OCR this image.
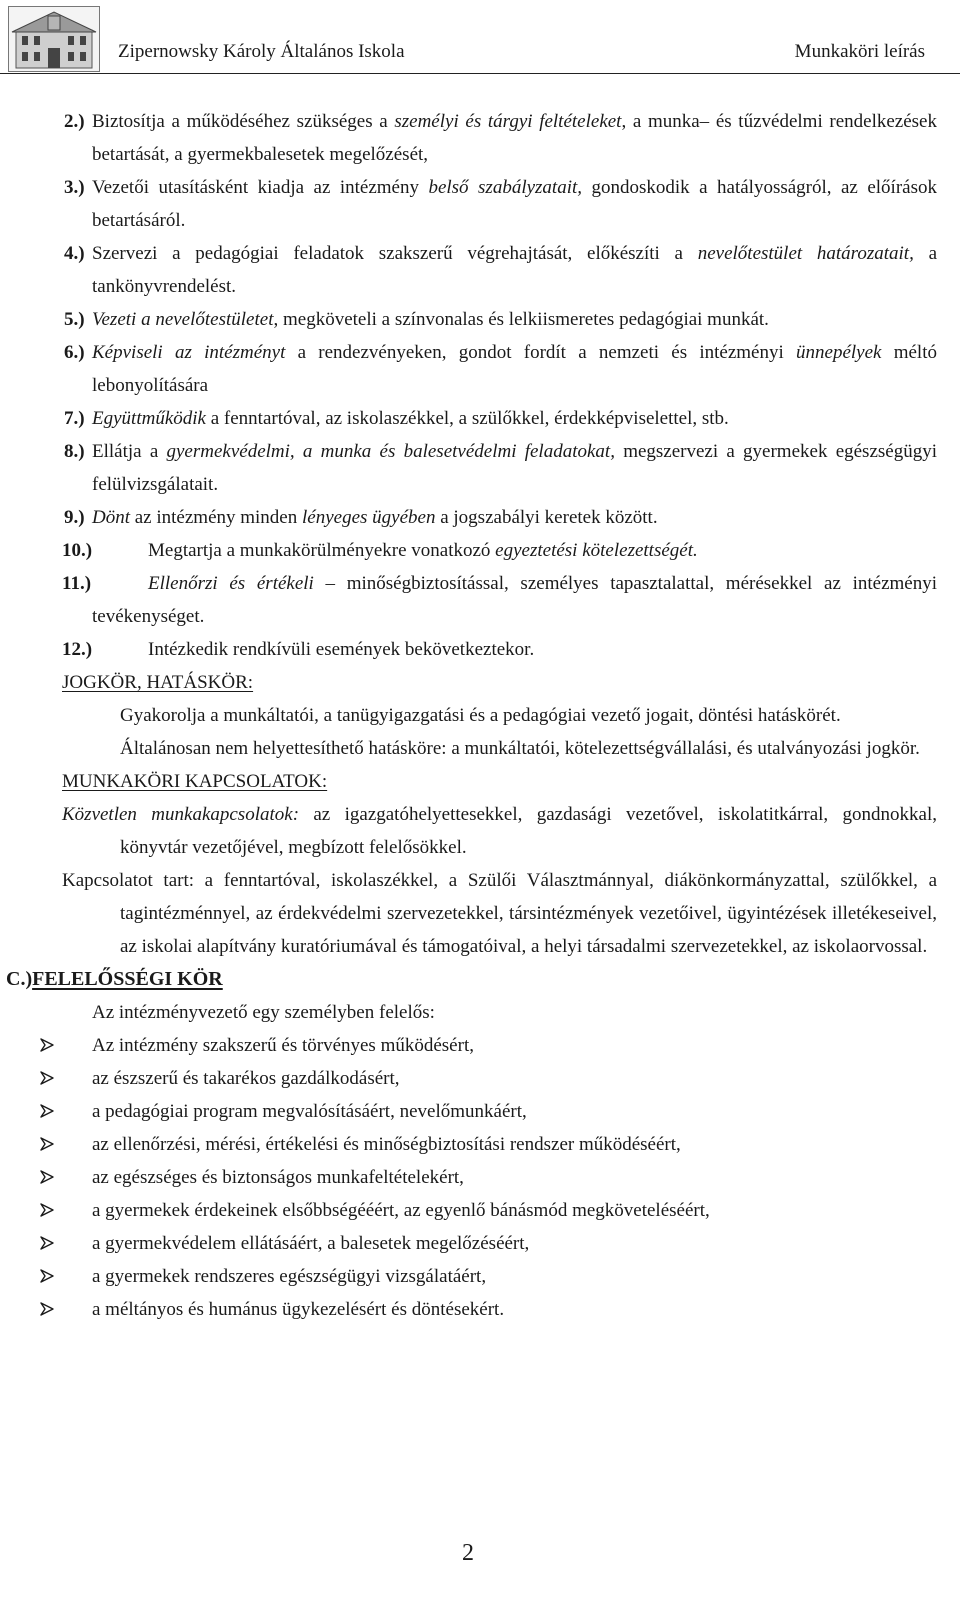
Zipernowsky Károly Általános Iskola	Munkaköri leírás
2.) Biztosítja a működéséhez szükséges a személyi és tárgyi feltételeket, a munka– és tűzvédelmi rendelkezések betartását, a gyermekbalesetek megelőzését,
3.) Vezetői utasításként kiadja az intézmény belső szabályzatait, gondoskodik a hatályosságról, az előírások betartásáról.
4.) Szervezi a pedagógiai feladatok szakszerű végrehajtását, előkészíti a nevelőtestület határozatait, a tankönyvrendelést.
5.) Vezeti a nevelőtestületet, megköveteli a színvonalas és lelkiismeretes pedagógiai munkát.
6.) Képviseli az intézményt a rendezvényeken, gondot fordít a nemzeti és intézményi ünnepélyek méltó lebonyolítására
7.) Együttműködik a fenntartóval, az iskolaszékkel, a szülőkkel, érdekképviselettel, stb.
8.) Ellátja a gyermekvédelmi, a munka és balesetvédelmi feladatokat, megszervezi a gyermekek egészségügyi felülvizsgálatait.
9.) Dönt az intézmény minden lényeges ügyében a jogszabályi keretek között.
10.)	Megtartja a munkakörülményekre vonatkozó egyeztetési kötelezettségét.
11.)	Ellenőrzi és értékeli – minőségbiztosítással, személyes tapasztalattal, mérésekkel az intézményi tevékenységet.
12.)	Intézkedik rendkívüli események bekövetkeztekor.
JOGKÖR, HATÁSKÖR:
Gyakorolja a munkáltatói, a tanügyigazgatási és a pedagógiai vezető jogait, döntési hatáskörét.
Általánosan nem helyettesíthető hatásköre: a munkáltatói, kötelezettségvállalási, és utalványozási jogkör.
MUNKAKÖRI KAPCSOLATOK:
Közvetlen munkakapcsolatok: az igazgatóhelyettesekkel, gazdasági vezetővel, iskolatitkárral, gondnokkal, könyvtár vezetőjével, megbízott felelősökkel.
Kapcsolatot tart: a fenntartóval, iskolaszékkel, a Szülői Választmánnyal, diákönkormányzattal, szülőkkel, a tagintézménnyel, az érdekvédelmi szervezetekkel, társintézmények vezetőivel, ügyintézések illetékeseivel, az iskolai alapítvány kuratóriumával és támogatóival, a helyi társadalmi szervezetekkel, az iskolaorvossal.
C.)FELELŐSSÉGI KÖR
Az intézményvezető egy személyben felelős:
Az intézmény szakszerű és törvényes működésért,
az észszerű és takarékos gazdálkodásért,
a pedagógiai program megvalósításáért, nevelőmunkáért,
az ellenőrzési, mérési, értékelési és minőségbiztosítási rendszer működéséért,
az egészséges és biztonságos munkafeltételekért,
a gyermekek érdekeinek elsőbbségééért, az egyenlő bánásmód megköveteléséért,
a gyermekvédelem ellátásáért, a balesetek megelőzéséért,
a gyermekek rendszeres egészségügyi vizsgálatáért,
a méltányos és humánus ügykezelésért és döntésekért.
2
